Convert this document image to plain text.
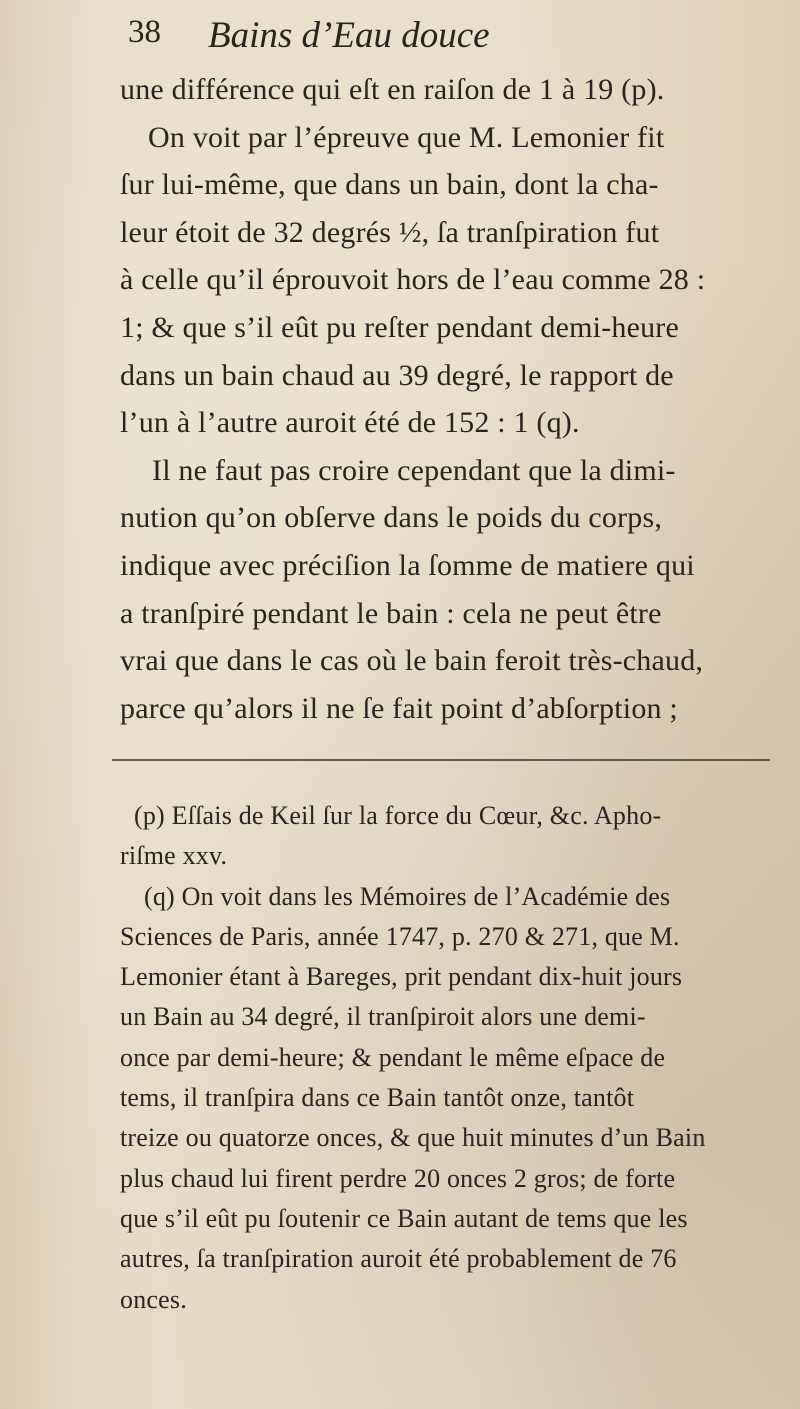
38 Bains d’Eau douce
une différence qui eſt en raiſon de 1 à 19 (p).
On voit par l’épreuve que M. Lemonier fit
ſur lui-même, que dans un bain, dont la cha-
leur étoit de 32 degrés ½, ſa tranſpiration fut
à celle qu’il éprouvoit hors de l’eau comme 28 :
1; & que s’il eût pu reſter pendant demi-heure
dans un bain chaud au 39 degré, le rapport de
l’un à l’autre auroit été de 152 : 1 (q).
Il ne faut pas croire cependant que la dimi-
nution qu’on obſerve dans le poids du corps,
indique avec préciſion la ſomme de matiere qui
a tranſpiré pendant le bain : cela ne peut être
vrai que dans le cas où le bain feroit très-chaud,
parce qu’alors il ne ſe fait point d’abſorption ;
(p) Eſſais de Keil ſur la force du Cœur, &c. Apho-
riſme xxv.
(q) On voit dans les Mémoires de l’Académie des
Sciences de Paris, année 1747, p. 270 & 271, que M.
Lemonier étant à Bareges, prit pendant dix-huit jours
un Bain au 34 degré, il tranſpiroit alors une demi-
once par demi-heure; & pendant le même eſpace de
tems, il tranſpira dans ce Bain tantôt onze, tantôt
treize ou quatorze onces, & que huit minutes d’un Bain
plus chaud lui firent perdre 20 onces 2 gros; de forte
que s’il eût pu ſoutenir ce Bain autant de tems que les
autres, ſa tranſpiration auroit été probablement de 76
onces.
